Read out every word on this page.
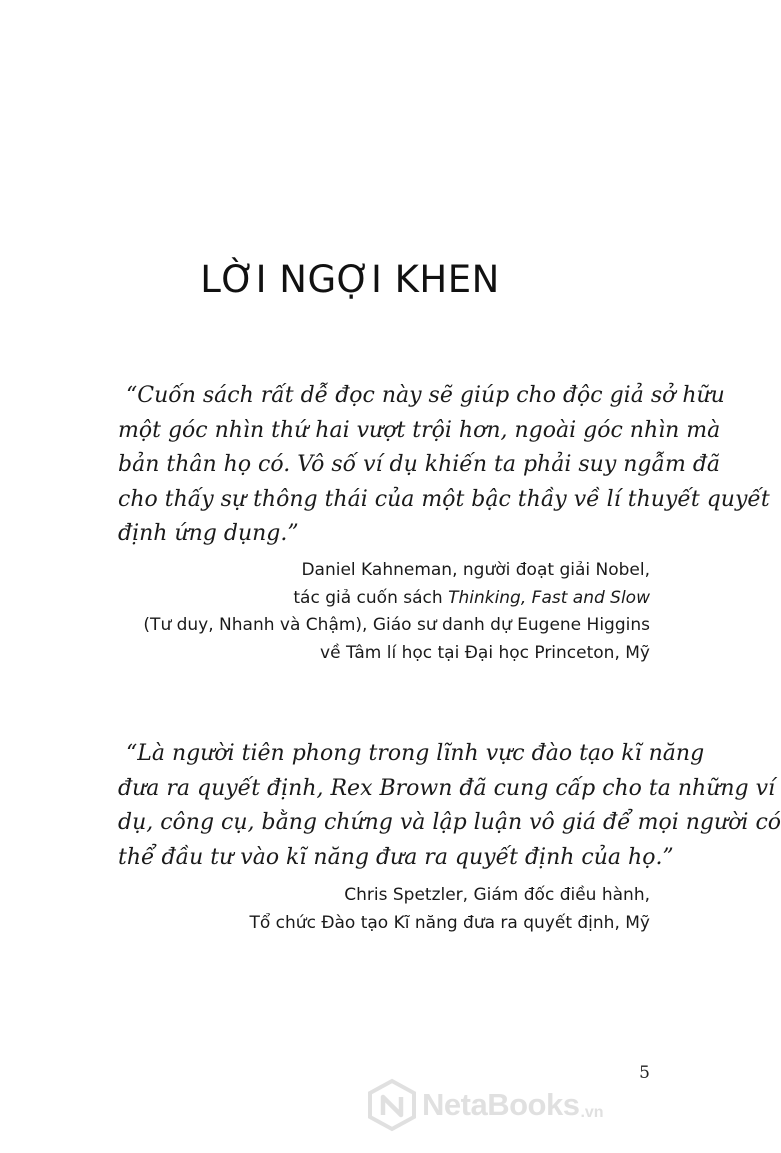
LỜI NGỢI KHEN
“Cuốn sách rất dễ đọc này sẽ giúp cho độc giả sở hữu
một góc nhìn thứ hai vượt trội hơn, ngoài góc nhìn mà
bản thân họ có. Vô số ví dụ khiến ta phải suy ngẫm đã
cho thấy sự thông thái của một bậc thầy về lí thuyết quyết
định ứng dụng.”
Daniel Kahneman, người đoạt giải Nobel,
tác giả cuốn sách Thinking, Fast and Slow
(Tư duy, Nhanh và Chậm), Giáo sư danh dự Eugene Higgins
về Tâm lí học tại Đại học Princeton, Mỹ
“Là người tiên phong trong lĩnh vực đào tạo kĩ năng
đưa ra quyết định, Rex Brown đã cung cấp cho ta những ví
dụ, công cụ, bằng chứng và lập luận vô giá để mọi người có
thể đầu tư vào kĩ năng đưa ra quyết định của họ.”
Chris Spetzler, Giám đốc điều hành,
Tổ chức Đào tạo Kĩ năng đưa ra quyết định, Mỹ
5
NetaBooks .vn
